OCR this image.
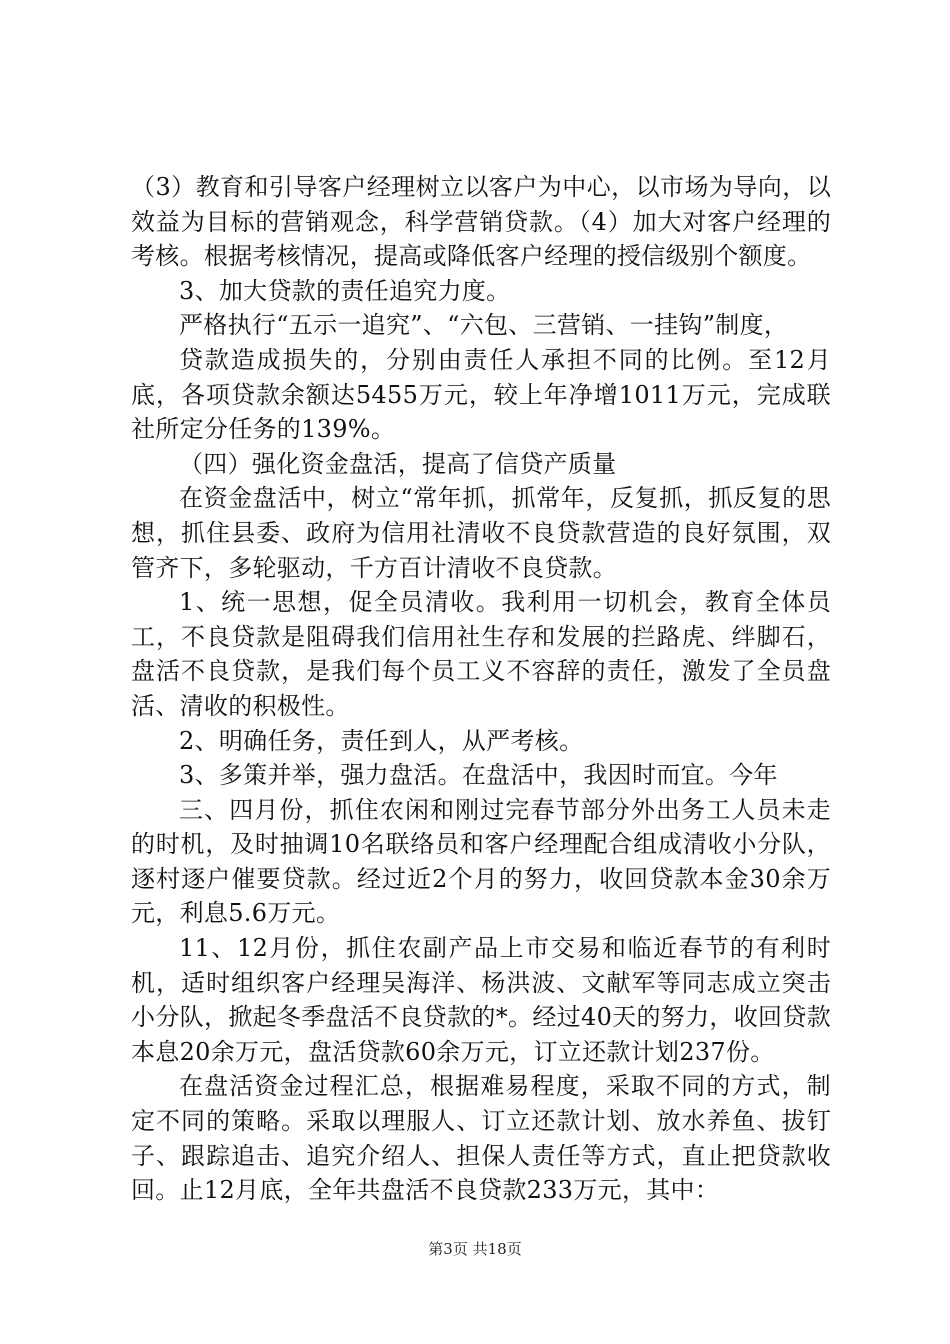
（3）教育和引导客户经理树立以客户为中心，以市场为导向，以效益为目标的营销观念，科学营销贷款。（4）加大对客户经理的考核。根据考核情况，提高或降低客户经理的授信级别个额度。

3、加大贷款的责任追究力度。

严格执行“五示一追究”、“六包、三营销、一挂钩”制度，

贷款造成损失的，分别由责任人承担不同的比例。至12月底，各项贷款余额达5455万元，较上年净增1011万元，完成联社所定分任务的139%。

（四）强化资金盘活，提高了信贷产质量

在资金盘活中，树立“常年抓，抓常年，反复抓，抓反复的思想，抓住县委、政府为信用社清收不良贷款营造的良好氛围，双管齐下，多轮驱动，千方百计清收不良贷款。

1、统一思想，促全员清收。我利用一切机会，教育全体员工，不良贷款是阻碍我们信用社生存和发展的拦路虎、绊脚石，盘活不良贷款，是我们每个员工义不容辞的责任，激发了全员盘活、清收的积极性。

2、明确任务，责任到人，从严考核。

3、多策并举，强力盘活。在盘活中，我因时而宜。今年

三、四月份，抓住农闲和刚过完春节部分外出务工人员未走的时机，及时抽调10名联络员和客户经理配合组成清收小分队，逐村逐户催要贷款。经过近2个月的努力，收回贷款本金30余万元，利息5.6万元。

11、12月份，抓住农副产品上市交易和临近春节的有利时机，适时组织客户经理吴海洋、杨洪波、文献军等同志成立突击小分队，掀起冬季盘活不良贷款的*。经过40天的努力，收回贷款本息20余万元，盘活贷款60余万元，订立还款计划237份。

在盘活资金过程汇总，根据难易程度，采取不同的方式，制定不同的策略。采取以理服人、订立还款计划、放水养鱼、拔钉子、跟踪追击、追究介绍人、担保人责任等方式，直止把贷款收回。止12月底，全年共盘活不良贷款233万元，其中：

第3页 共18页
